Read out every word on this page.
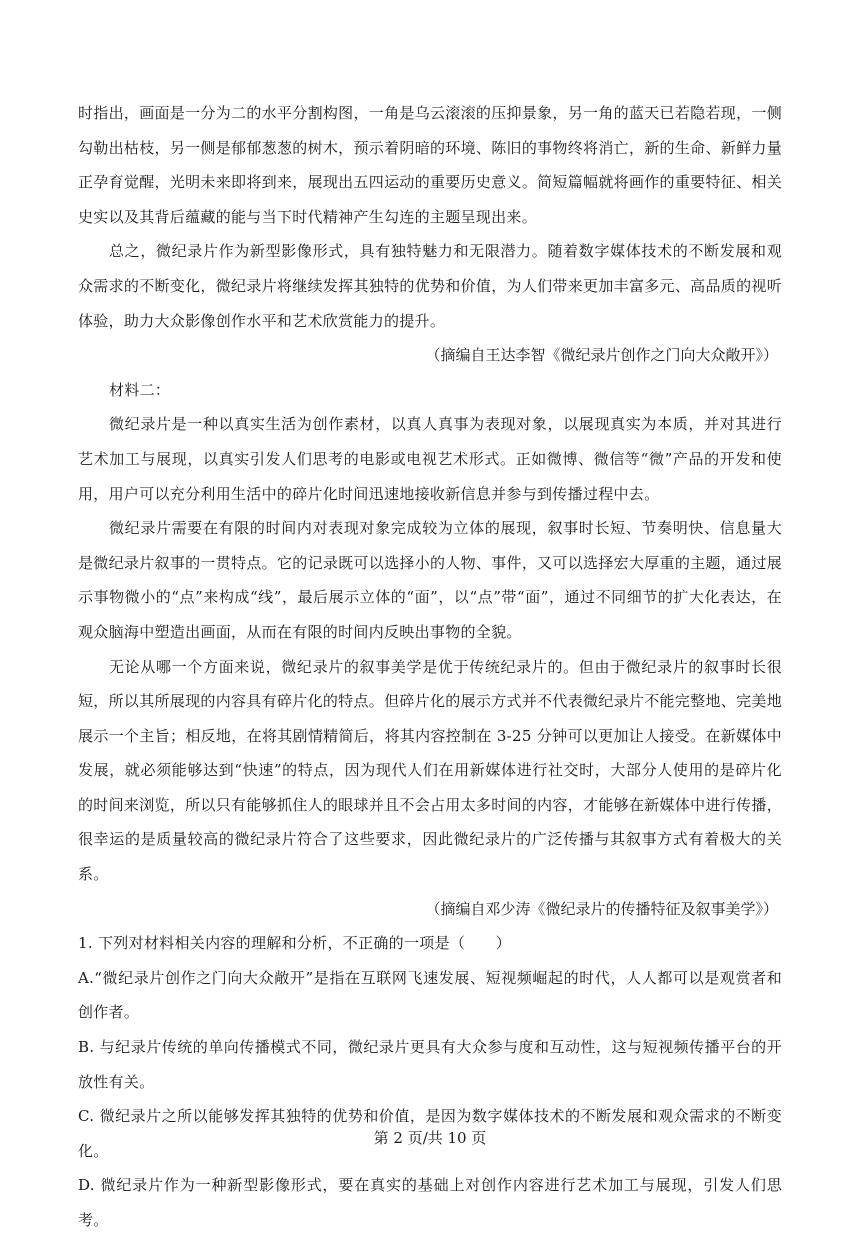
时指出，画面是一分为二的水平分割构图，一角是乌云滚滚的压抑景象，另一角的蓝天已若隐若现，一侧勾勒出枯枝，另一侧是郁郁葱葱的树木，预示着阴暗的环境、陈旧的事物终将消亡，新的生命、新鲜力量正孕育觉醒，光明未来即将到来，展现出五四运动的重要历史意义。简短篇幅就将画作的重要特征、相关史实以及其背后蕴藏的能与当下时代精神产生勾连的主题呈现出来。

总之，微纪录片作为新型影像形式，具有独特魅力和无限潜力。随着数字媒体技术的不断发展和观众需求的不断变化，微纪录片将继续发挥其独特的优势和价值，为人们带来更加丰富多元、高品质的视听体验，助力大众影像创作水平和艺术欣赏能力的提升。

（摘编自王达李智《微纪录片创作之门向大众敞开》）

材料二：

微纪录片是一种以真实生活为创作素材，以真人真事为表现对象，以展现真实为本质，并对其进行艺术加工与展现，以真实引发人们思考的电影或电视艺术形式。正如微博、微信等“微”产品的开发和使用，用户可以充分利用生活中的碎片化时间迅速地接收新信息并参与到传播过程中去。

微纪录片需要在有限的时间内对表现对象完成较为立体的展现，叙事时长短、节奏明快、信息量大是微纪录片叙事的一贯特点。它的记录既可以选择小的人物、事件，又可以选择宏大厚重的主题，通过展示事物微小的“点”来构成“线”，最后展示立体的“面”，以“点”带“面”，通过不同细节的扩大化表达，在观众脑海中塑造出画面，从而在有限的时间内反映出事物的全貌。

无论从哪一个方面来说，微纪录片的叙事美学是优于传统纪录片的。但由于微纪录片的叙事时长很短，所以其所展现的内容具有碎片化的特点。但碎片化的展示方式并不代表微纪录片不能完整地、完美地展示一个主旨；相反地，在将其剧情精简后，将其内容控制在 3-25 分钟可以更加让人接受。在新媒体中发展，就必须能够达到“快速”的特点，因为现代人们在用新媒体进行社交时，大部分人使用的是碎片化的时间来浏览，所以只有能够抓住人的眼球并且不会占用太多时间的内容，才能够在新媒体中进行传播，很幸运的是质量较高的微纪录片符合了这些要求，因此微纪录片的广泛传播与其叙事方式有着极大的关系。

（摘编自邓少涛《微纪录片的传播特征及叙事美学》）

1. 下列对材料相关内容的理解和分析，不正确的一项是（　　）

A.“微纪录片创作之门向大众敞开”是指在互联网飞速发展、短视频崛起的时代，人人都可以是观赏者和创作者。

B. 与纪录片传统的单向传播模式不同，微纪录片更具有大众参与度和互动性，这与短视频传播平台的开放性有关。

C. 微纪录片之所以能够发挥其独特的优势和价值，是因为数字媒体技术的不断发展和观众需求的不断变化。

D. 微纪录片作为一种新型影像形式，要在真实的基础上对创作内容进行艺术加工与展现，引发人们思考。

第 2 页/共 10 页
